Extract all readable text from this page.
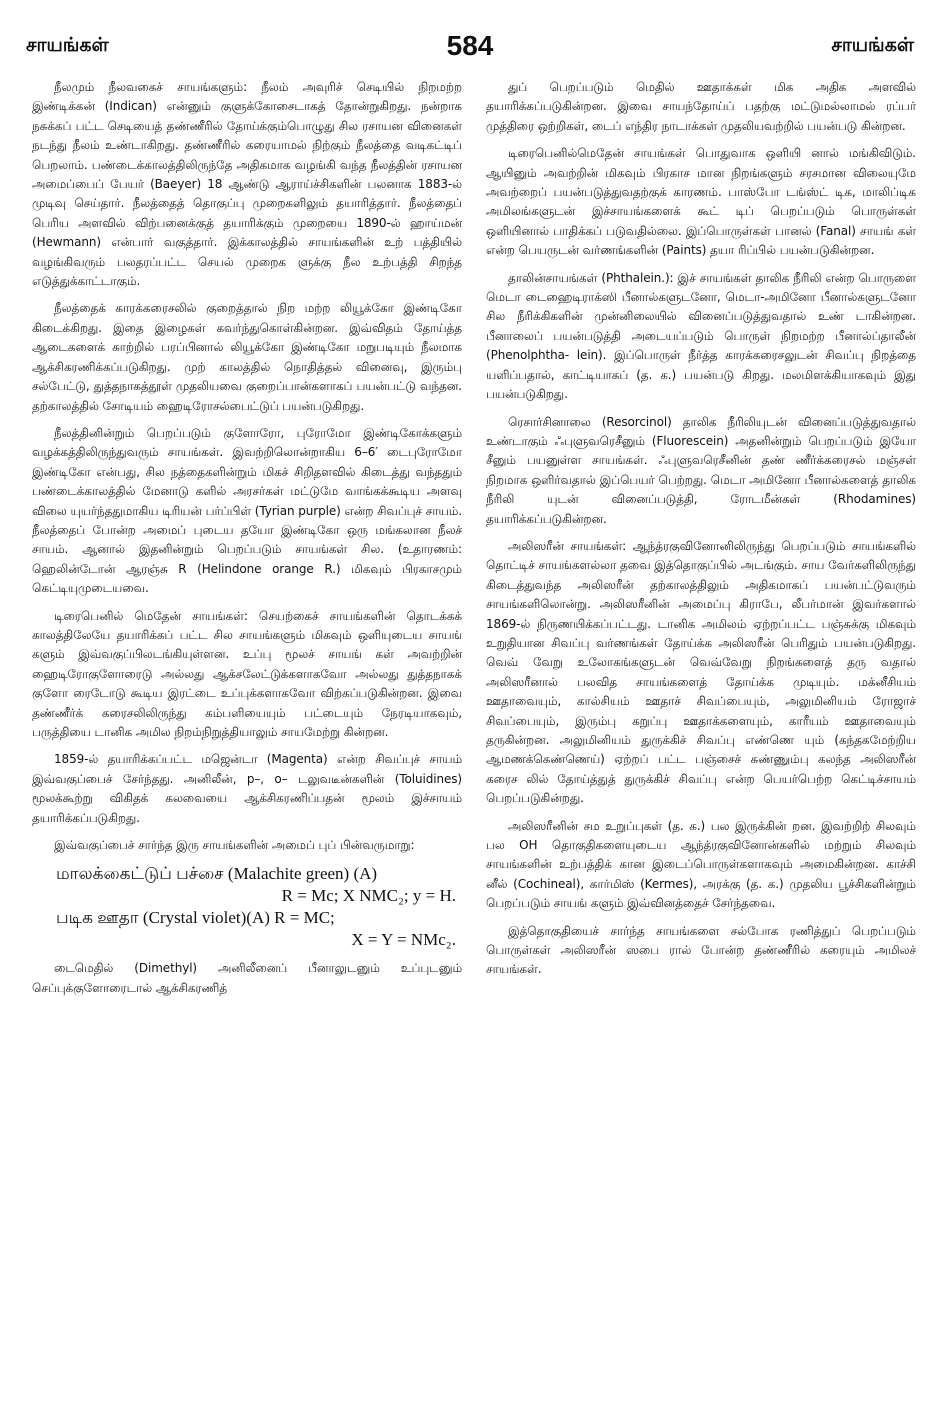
சாயங்கள்	584	சாயங்கள்

நீலமும் நீலவகைச் சாயங்களும்: நீலம் அவுரிச் செடியில் நிறமற்ற இண்டிக்கன் (Indican) என்னும் குளுக்கோசைடாகத் தோன்றுகிறது. நன்றாக நசுக்கப் பட்ட செடியைத் தண்ணீரில் தோய்க்கும்பொழுது சில ரசாயன வினைகள் நடந்து நீலம் உண்டாகிறது. தண்ணீரில் கரையாமல் நிற்கும் நீலத்தை வடிகட்டிப் பெறலாம். பண்டைக்காலத்திலிருந்தே அதிகமாக வழங்கி வந்த நீலத்தின் ரசாயன அமைப்பைப் பேயர் (Baeyer) 18 ஆண்டு ஆராய்ச்சிகளின் பலனாக 1883-ல் முடிவு செய்தார். நீலத்தைத் தொகுப்பு முறைகளிலும் தயாரித்தார். நீலத்தைப் பெரிய அளவில் விற்பனைக்குத் தயாரிக்கும் முறையை 1890-ல் ஹாய்மன் (Hewmann) என்பார் வகுத்தார். இக்காலத்தில் சாயங்களின் உற் பத்தியில் வழங்கிவரும் பலதரப்பட்ட செயல் முறைக ளுக்கு நீல உற்பத்தி சிறந்த எடுத்துக்காட்டாகும்.

நீலத்தைக் காரக்கரைசலில் குறைத்தால் நிற மற்ற லியூக்கோ இண்டிகோ கிடைக்கிறது. இதை இழைகள் கவர்ந்துகொள்கின்றன. இவ்விதம் தோய்த்த ஆடைகளைக் காற்றில் பரப்பினால் லியூக்கோ இண்டிகோ மறுபடியும் நீலமாக ஆக்சிகரணிக்கப்படுகிறது. முற் காலத்தில் நொதித்தல் வினைவு, இரும்பு சல்பேட்டு, துத்தநாகத்தூள் முதலியவை குறைப்பான்களாகப் பயன்பட்டு வந்தன. தற்காலத்தில் சோடியம் ஹைடிரோசல்பைட்டுப் பயன்படுகிறது.

நீலத்தினின்றும் பெறப்படும் குளோரோ, புரோமோ இண்டிகோக்களும் வழக்கத்திலிருந்துவரும் சாயங்கள். இவற்றிலொன்றாகிய 6–6′ டைபுரோமோ இண்டிகோ என்பது, சில நத்தைகளின்றும் மிகச் சிறிதளவில் கிடைத்து வந்ததும் பண்டைக்காலத்தில் மேனாடு களில் அரசர்கள் மட்டுமே வாங்கக்கூடிய அளவு விலை யுயர்ந்ததுமாகிய டிரியன் பர்ப்பிள் (Tyrian purple) என்ற சிவப்புச் சாயம். நீலத்தைப் போன்ற அமைப் புடைய தயோ இண்டிகோ ஒரு மங்கலான நீலச் சாயம். ஆனால் இதனின்றும் பெறப்படும் சாயங்கள் சில. (உதாரணம்: ஹெலின்டோன் ஆரஞ்சு R (Helindone orange R.) மிகவும் பிரகாசமும் கெட்டியுமுடையவை.

டிரைபெனில் மெதேன் சாயங்கள்: செயற்கைச் சாயங்களின் தொடக்கக் காலத்திலேயே தயாரிக்கப் பட்ட சில சாயங்களும் மிகவும் ஒளியுடைய சாயங் களும் இவ்வகுப்பிலடங்கியுள்ளன. உப்பு மூலச் சாயங் கள் அவற்றின் ஹைடிரோகுளோரைடு அல்லது ஆக்சலேட்டுக்களாகவோ அல்லது துத்தநாகக் குளோ ரைடோடு கூடிய இரட்டை உப்புக்களாகவோ விற்கப்படுகின்றன. இவை தண்ணீர்க் கரைசலிலிருந்து கம்பளியையும் பட்டையும் நேரடியாகவும், பருத்தியை டானிக அமில நிறம்நிறுத்தியாலும் சாயமேற்று கின்றன.

1859-ல் தயாரிக்கப்பட்ட மஜென்டா (Magenta) என்ற சிவப்புச் சாயம் இவ்வகுப்பைச் சேர்ந்தது. அனிலீன், p–, o– டலுவடீன்களின் (Toluidines) மூலக்கூற்று விகிதக் கலவையை ஆக்சிகரணிப்பதன் மூலம் இச்சாயம் தயாரிக்கப்படுகிறது.

இவ்வகுப்பைச் சார்ந்த இரு சாயங்களின் அமைப் புப் பின்வருமாறு:

மாலக்கைட்டுப் பச்சை (Malachite green) (A)
R = Mc; X NMC₂; y = H.
படிக ஊதா (Crystal violet)(A) R = MC;
X = Y = NMc₂.

டைமெதில் (Dimethyl) அனிலீனைப் பீனாலுடனும் உப்புடனும் செப்புக்குளோரைடால் ஆக்சிகரணித்

துப் பெறப்படும் மெதில் ஊதாக்கள் மிக அதிக அளவில் தயாரிக்கப்படுகின்றன. இவை சாயந்தோய்ப் பதற்கு மட்டுமல்லாமல் ரப்பர் முத்திரை ஒற்றிகள், டைப் எந்திர நாடாக்கள் முதலியவற்றில் பயன்படு கின்றன.

டிரைபெனில்மெதேன் சாயங்கள் பொதுவாக ஒளியி னால் மங்கிவிடும். ஆயினும் அவற்றின் மிகவும் பிரகாச மான நிறங்களும் சரசமான விலையுமே அவற்றைப் பயன்படுத்துவதற்குக் காரணம். பாஸ்போ டங்ஸ்ட் டிக, மாலிப்டிக அமிலங்களுடன் இச்சாயங்களைக் கூட் டிப் பெறப்படும் பொருள்கள் ஒளியினால் பாதிக்கப் படுவதில்லை. இப்பொருள்கள் பானல் (Fanal) சாயங் கள் என்ற பெயருடன் வர்ணங்களின் (Paints) தயா ரிப்பில் பயன்படுகின்றன.

தாலின்சாயங்கள் (Phthalein.): இச் சாயங்கள் தாலிக நீரிலி என்ற பொருளை மெடா டைஹைடிராக்ஸி பீனால்களுடனோ, மெடா-அமினோ பீனால்களுடனோ சில நீரிக்கிகளின் முன்னிலையில் வினைப்படுத்துவதால் உண் டாகின்றன. பீனாலைப் பயன்படுத்தி அடையப்படும் பொருள் நிறமற்ற பீனால்ப்தாலீன் (Phenolphtha- lein). இப்பொருள் நீர்த்த காரக்கரைசலுடன் சிவப்பு நிறத்தை யளிப்பதால், காட்டியாகப் (த. க.) பயன்படு கிறது. மலமிளக்கியாகவும் இது பயன்படுகிறது.

ரெசார்சினாலை (Resorcinol) தாலிக நீரிலியுடன் வினைப்படுத்துவதால் உண்டாகும் ஃபுளுவரெசீனும் (Fluorescein) அதனின்றும் பெறப்படும் இயோ சீனும் பயனுள்ள சாயங்கள். ஃபுளுவரெசீனின் தண் ணீர்க்கரைசல் மஞ்சள் நிறமாக ஒளிர்வதால் இப்பெயர் பெற்றது. மெடா அமினோ பீனால்களைத் தாலிக நீரிலி யுடன் வினைப்படுத்தி, ரோடமீன்கள் (Rhodamines) தயாரிக்கப்படுகின்றன.

அலிஸரீன் சாயங்கள்: ஆந்த்ரகுவினோனிலிருந்து பெறப்படும் சாயங்களில் தொட்டிச் சாயங்களல்லா தவை இத்தொகுப்பில் அடங்கும். சாய வேர்களிலிருந்து கிடைத்துவந்த அலிஸரீன் தற்காலத்திலும் அதிகமாகப் பயன்பட்டுவரும் சாயங்களிலொன்று. அலிஸரீனின் அமைப்பு கிராபே, லீபர்மான் இவர்களால் 1869-ல் நிருணயிக்கப்பட்டது. டானிக அமிலம் ஏற்றப்பட்ட பஞ்சுக்கு மிகவும் உறுதியான சிவப்பு வர்ணங்கள் தோய்க்க அலிஸரீன் பெரிதும் பயன்படுகிறது. வெவ் வேறு உலோகங்களுடன் வெவ்வேறு நிறங்களைத் தரு வதால் அலிஸரீனால் பலவித சாயங்களைத் தோய்க்க முடியும். மக்னீசியம் ஊதாவையும், கால்சியம் ஊதாச் சிவப்பையும், அலுமினியம் ரோஜாச் சிவப்பையும், இரும்பு கறுப்பு ஊதாக்களையும், காரீயம் ஊதாவையும் தருகின்றன. அலுமினியம் துருக்கிச் சிவப்பு எண்ணெ யும் (கந்தகமேற்றிய ஆமணக்கெண்ணெய்) ஏற்றப் பட்ட பஞ்சைச் சுண்ணும்பு கலந்த அலிஸரீன் கரைச லில் தோய்த்துத் துருக்கிச் சிவப்பு என்ற பெயர்பெற்ற கெட்டிச்சாயம் பெறப்படுகின்றது.

அலிஸரீனின் சம உறுப்புகள் (த. க.) பல இருக்கின் றன. இவற்றிற் சிலவும் பல OH தொகுதிகளையுடைய ஆந்த்ரகுவினோன்களில் மற்றும் சிலவும் சாயங்களின் உற்பத்திக் கான இடைப்பொருள்களாகவும் அமைகின்றன. காச்சி னீல் (Cochineal), கார்மிஸ் (Kermes), அரக்கு (த. க.) முதலிய பூச்சிகளின்றும் பெறப்படும் சாயங் களும் இவ்வினத்தைச் சேர்ந்தவை.

இத்தொகுதியைச் சார்ந்த சாயங்களை சல்போக ரணித்துப் பெறப்படும் பொருள்கள் அலிஸரீன் ஸபை ரால் போன்ற தண்ணீரில் கரையும் அமிலச் சாயங்கள்.
